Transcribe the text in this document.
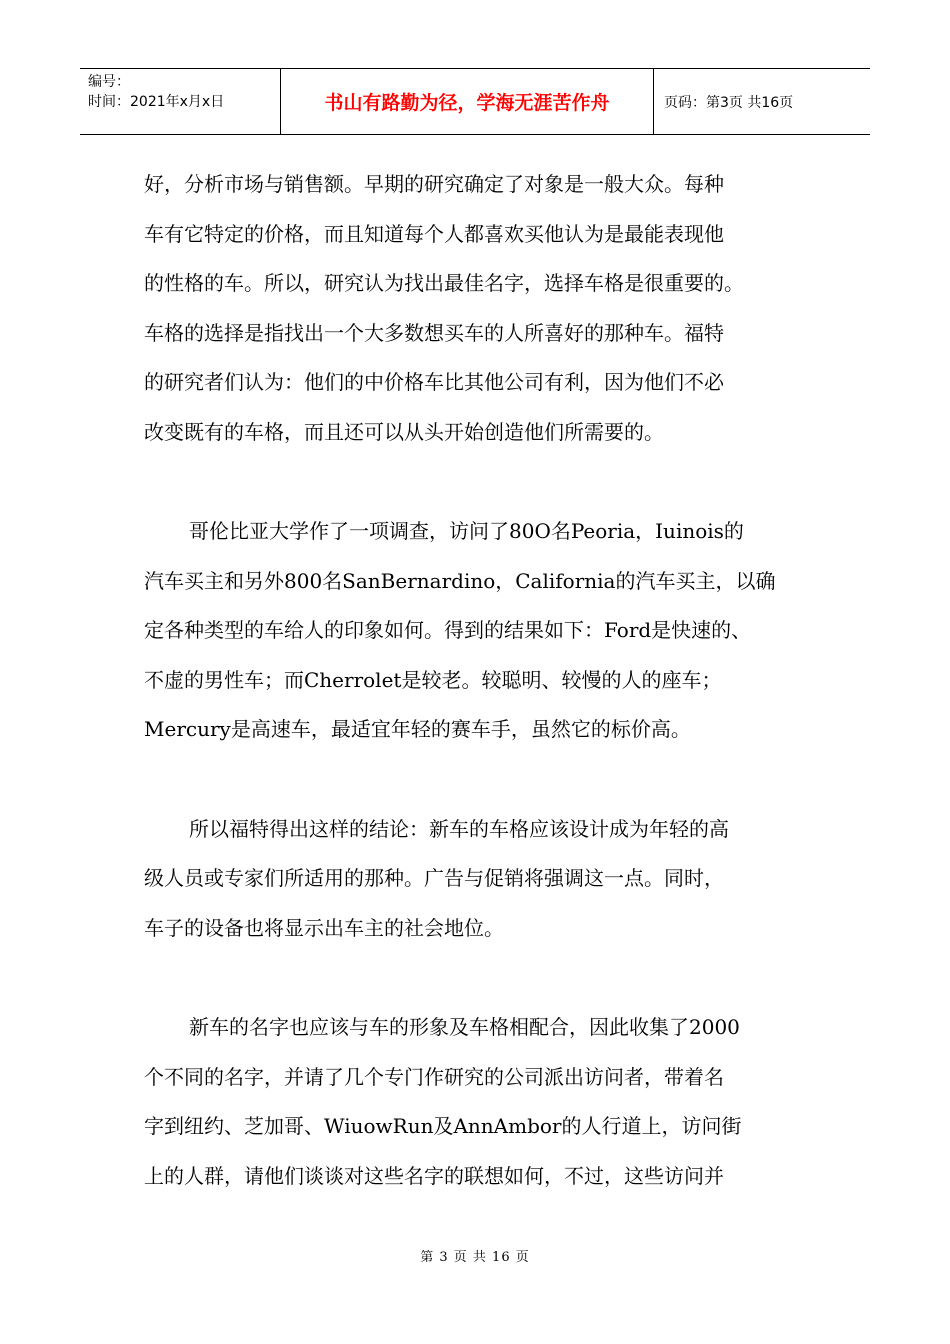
编号：
时间：2021年x月x日	书山有路勤为径，学海无涯苦作舟	页码：第3页 共16页
好，分析市场与销售额。早期的研究确定了对象是一般大众。每种
车有它特定的价格，而且知道每个人都喜欢买他认为是最能表现他
的性格的车。所以，研究认为找出最佳名字，选择车格是很重要的。
车格的选择是指找出一个大多数想买车的人所喜好的那种车。福特
的研究者们认为：他们的中价格车比其他公司有利，因为他们不必
改变既有的车格，而且还可以从头开始创造他们所需要的。
哥伦比亚大学作了一项调查，访问了80O名Peoria，Iuinois的
汽车买主和另外800名SanBernardino，California的汽车买主，以确
定各种类型的车给人的印象如何。得到的结果如下：Ford是快速的、
不虚的男性车；而Cherrolet是较老。较聪明、较慢的人的座车；
Mercury是高速车，最适宜年轻的赛车手，虽然它的标价高。
所以福特得出这样的结论：新车的车格应该设计成为年轻的高
级人员或专家们所适用的那种。广告与促销将强调这一点。同时，
车子的设备也将显示出车主的社会地位。
新车的名字也应该与车的形象及车格相配合，因此收集了2000
个不同的名字，并请了几个专门作研究的公司派出访问者，带着名
字到纽约、芝加哥、WiuowRun及AnnAmbor的人行道上，访问街
上的人群，请他们谈谈对这些名字的联想如何，不过，这些访问并
第 3 页 共 16 页
